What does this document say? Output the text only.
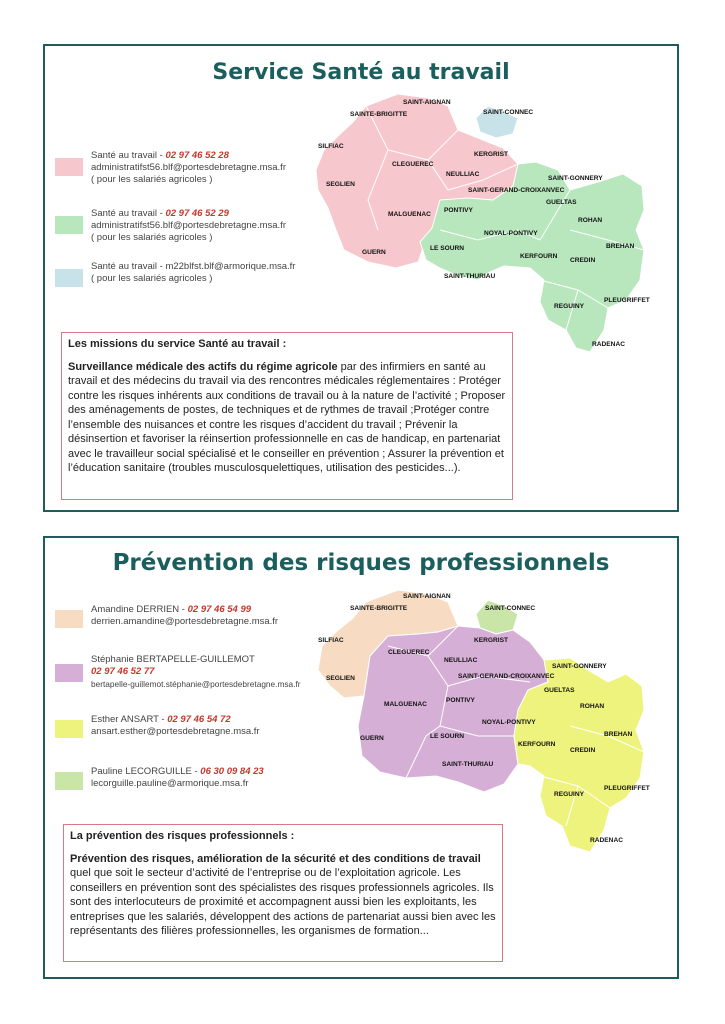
Service Santé au travail
Santé au travail - 02 97 46 52 28
administratifst56.blf@portesdebretagne.msa.fr
( pour les salariés agricoles )
Santé au travail - 02 97 46 52 29
administratifst56.blf@portesdebretagne.msa.fr
( pour les salariés agricoles )
Santé au travail - m22blfst.blf@armorique.msa.fr
( pour les salariés agricoles )
SAINT-AIGNAN
SAINTE-BRIGITTE	SAINT-CONNEC
SILFIAC
CLEGUEREC
KERGRIST
NEULLIAC
SEGLIEN
SAINT-GERAND-CROIXANVEC
SAINT-GONNERY
GUELTAS
PONTIVY
ROHAN
MALGUENAC
NOYAL-PONTIVY
BREHAN
GUERN
LE SOURN
KERFOURN
CREDIN
SAINT-THURIAU
PLEUGRIFFET
REGUINY
RADENAC
Les missions du service Santé au travail :
Surveillance médicale des actifs du régime agricole par des infirmiers en santé au travail et des médecins du travail via des rencontres médicales réglementaires : Protéger contre les risques inhérents aux conditions de travail ou à la nature de l’activité ; Proposer des aménagements de postes, de techniques et de rythmes de travail ;Protéger contre l’ensemble des nuisances et contre les risques d’accident du travail ; Prévenir la désinsertion et favoriser la réinsertion professionnelle en cas de handicap, en partenariat avec le travailleur social spécialisé et le conseiller en prévention ; Assurer la prévention et l’éducation sanitaire (troubles musculosquelettiques, utilisation des pesticides...).
Prévention des risques professionnels
Amandine DERRIEN - 02 97 46 54 99
derrien.amandine@portesdebretagne.msa.fr
Stéphanie BERTAPELLE-GUILLEMOT
02 97 46 52 77
bertapelle-guillemot.stéphanie@portesdebretagne.msa.fr
Esther ANSART - 02 97 46 54 72
ansart.esther@portesdebretagne.msa.fr
Pauline LECORGUILLE - 06 30 09 84 23
lecorguille.pauline@armorique.msa.fr
SAINT-AIGNAN
SAINTE-BRIGITTE	SAINT-CONNEC
SILFIAC
CLEGUEREC
KERGRIST
NEULLIAC
SEGLIEN	SAINT-GERAND-CROIXANVEC
SAINT-GONNERY
GUELTAS
PONTIVY
ROHAN
MALGUENAC
NOYAL-PONTIVY
BREHAN
GUERN	LE SOURN
KERFOURN
CREDIN
SAINT-THURIAU
PLEUGRIFFET
REGUINY
RADENAC
La prévention des risques professionnels :
Prévention des risques, amélioration de la sécurité et des conditions de travail quel que soit le secteur d’activité de l’entreprise ou de l’exploitation agricole. Les conseillers en prévention sont des spécialistes des risques professionnels agricoles. Ils sont des interlocuteurs de proximité et accompagnent aussi bien les exploitants, les entreprises que les salariés, développent des actions de partenariat aussi bien avec les représentants des filières professionnelles, les organismes de formation...
